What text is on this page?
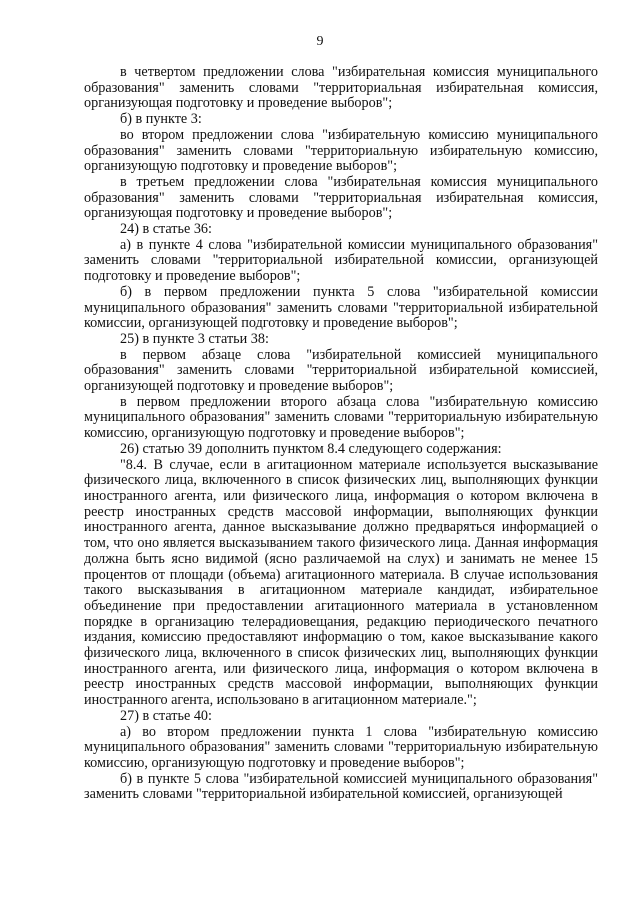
9

в четвертом предложении слова "избирательная комиссия муниципального образования" заменить словами "территориальная избирательная комиссия, организующая подготовку и проведение выборов";

б) в пункте 3:

во втором предложении слова "избирательную комиссию муниципального образования" заменить словами "территориальную избирательную комиссию, организующую подготовку и проведение выборов";

в третьем предложении слова "избирательная комиссия муниципального образования" заменить словами "территориальная избирательная комиссия, организующая подготовку и проведение выборов";

24) в статье 36:

а) в пункте 4 слова "избирательной комиссии муниципального образования" заменить словами "территориальной избирательной комиссии, организующей подготовку и проведение выборов";

б) в первом предложении пункта 5 слова "избирательной комиссии муниципального образования" заменить словами "территориальной избирательной комиссии, организующей подготовку и проведение выборов";

25) в пункте 3 статьи 38:

в первом абзаце слова "избирательной комиссией муниципального образования" заменить словами "территориальной избирательной комиссией, организующей подготовку и проведение выборов";

в первом предложении второго абзаца слова "избирательную комиссию муниципального образования" заменить словами "территориальную избирательную комиссию, организующую подготовку и проведение выборов";

26) статью 39 дополнить пунктом 8.4 следующего содержания:

"8.4. В случае, если в агитационном материале используется высказывание физического лица, включенного в список физических лиц, выполняющих функции иностранного агента, или физического лица, информация о котором включена в реестр иностранных средств массовой информации, выполняющих функции иностранного агента, данное высказывание должно предваряться информацией о том, что оно является высказыванием такого физического лица. Данная информация должна быть ясно видимой (ясно различаемой на слух) и занимать не менее 15 процентов от площади (объема) агитационного материала. В случае использования такого высказывания в агитационном материале кандидат, избирательное объединение при предоставлении агитационного материала в установленном порядке в организацию телерадиовещания, редакцию периодического печатного издания, комиссию предоставляют информацию о том, какое высказывание какого физического лица, включенного в список физических лиц, выполняющих функции иностранного агента, или физического лица, информация о котором включена в реестр иностранных средств массовой информации, выполняющих функции иностранного агента, использовано в агитационном материале.";

27) в статье 40:

а) во втором предложении пункта 1 слова "избирательную комиссию муниципального образования" заменить словами "территориальную избирательную комиссию, организующую подготовку и проведение выборов";

б) в пункте 5 слова "избирательной комиссией муниципального образования" заменить словами "территориальной избирательной комиссией, организующей
